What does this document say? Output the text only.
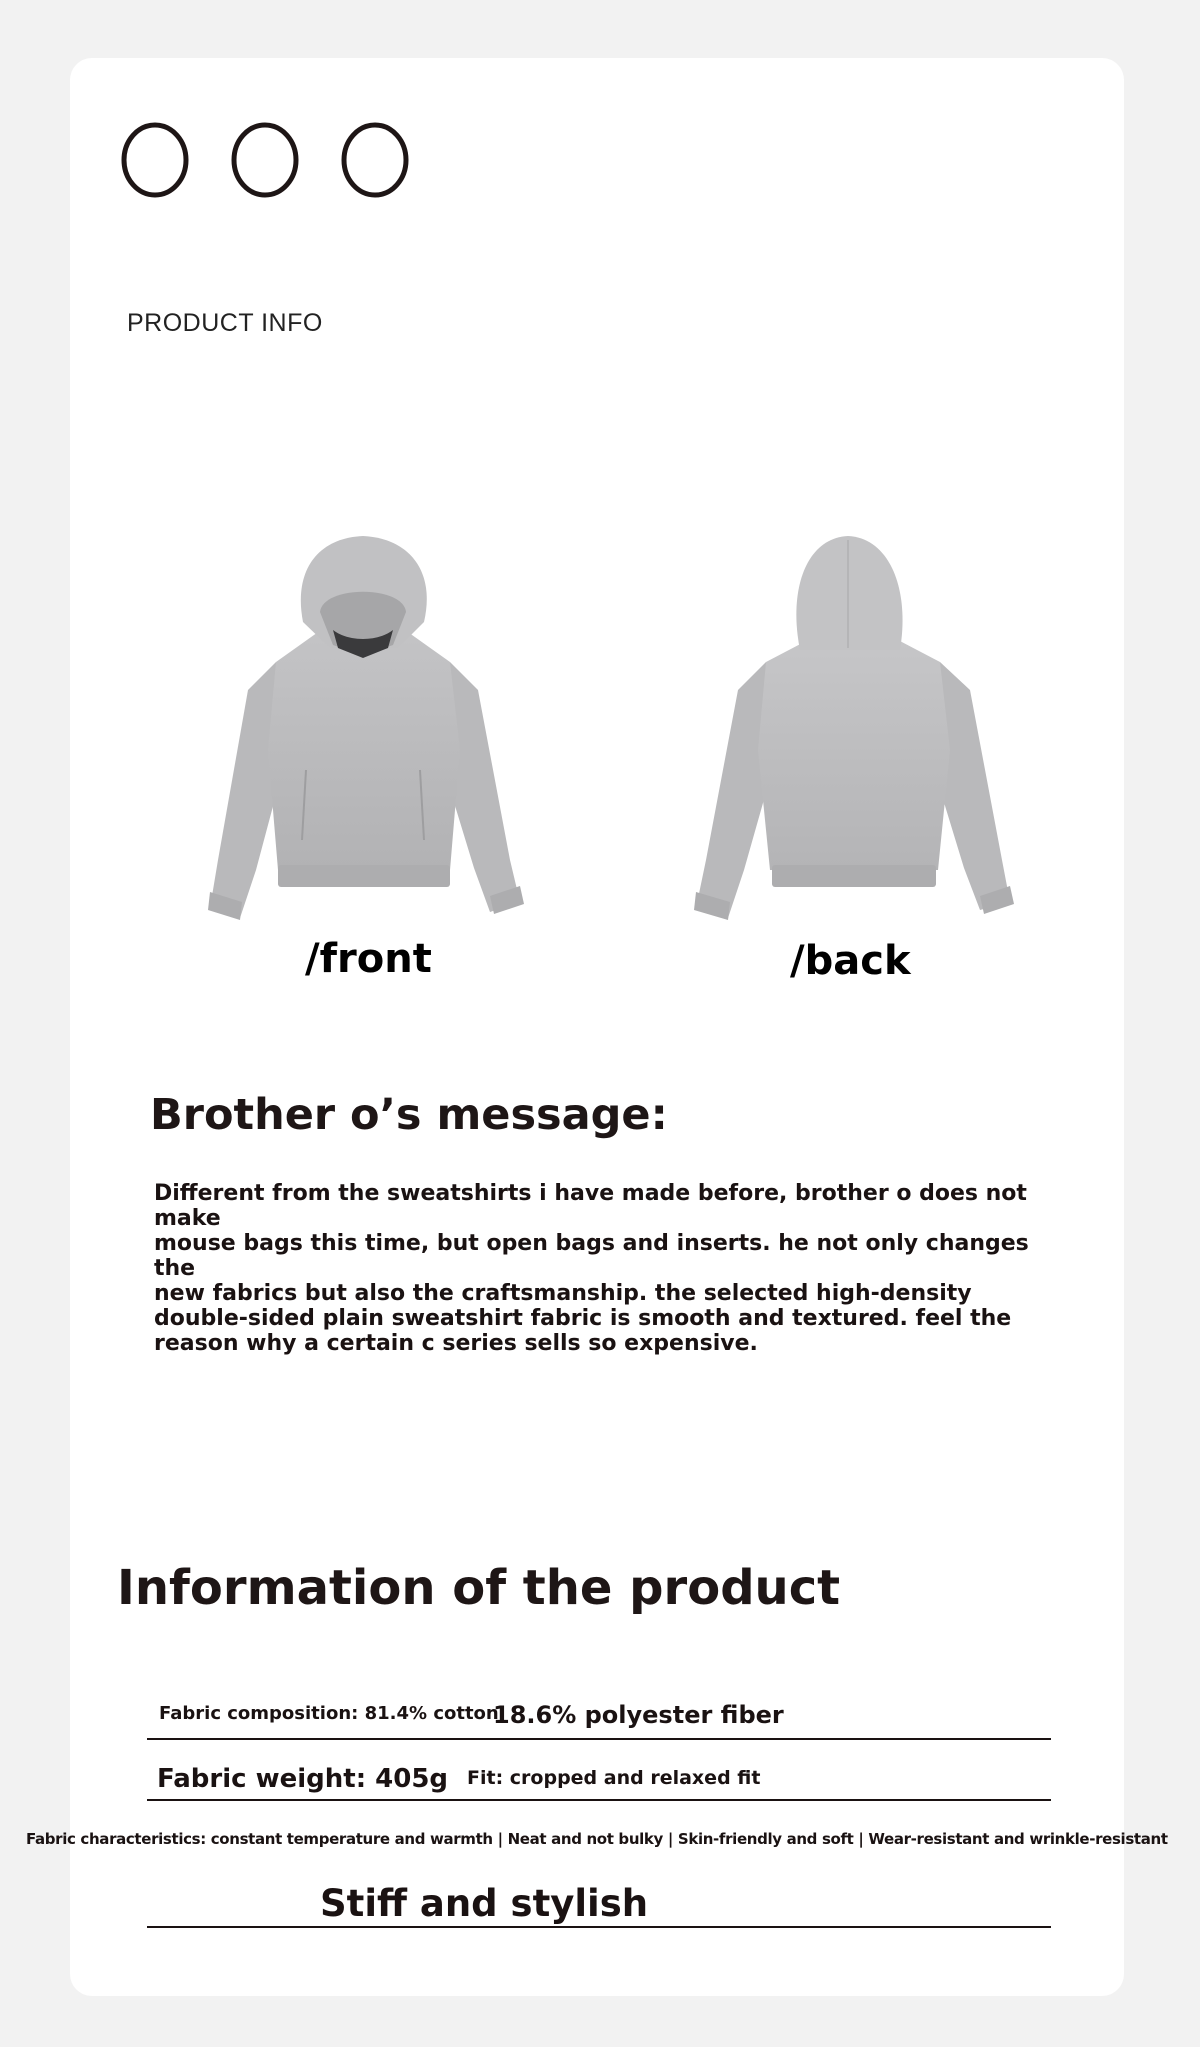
PRODUCT INFO
/front	/back
Brother o’s message:
Different from the sweatshirts i have made before, brother o does not make
mouse bags this time, but open bags and inserts. he not only changes the
new fabrics but also the craftsmanship. the selected high-density
double-sided plain sweatshirt fabric is smooth and textured. feel the
reason why a certain c series sells so expensive.
Information of the product
Fabric composition: 81.4% cotton
18.6% polyester fiber
Fabric weight: 405g Fit: cropped and relaxed fit
Fabric characteristics: constant temperature and warmth | Neat and not bulky | Skin-friendly and soft | Wear-resistant and wrinkle-resistant
Stiff and stylish
